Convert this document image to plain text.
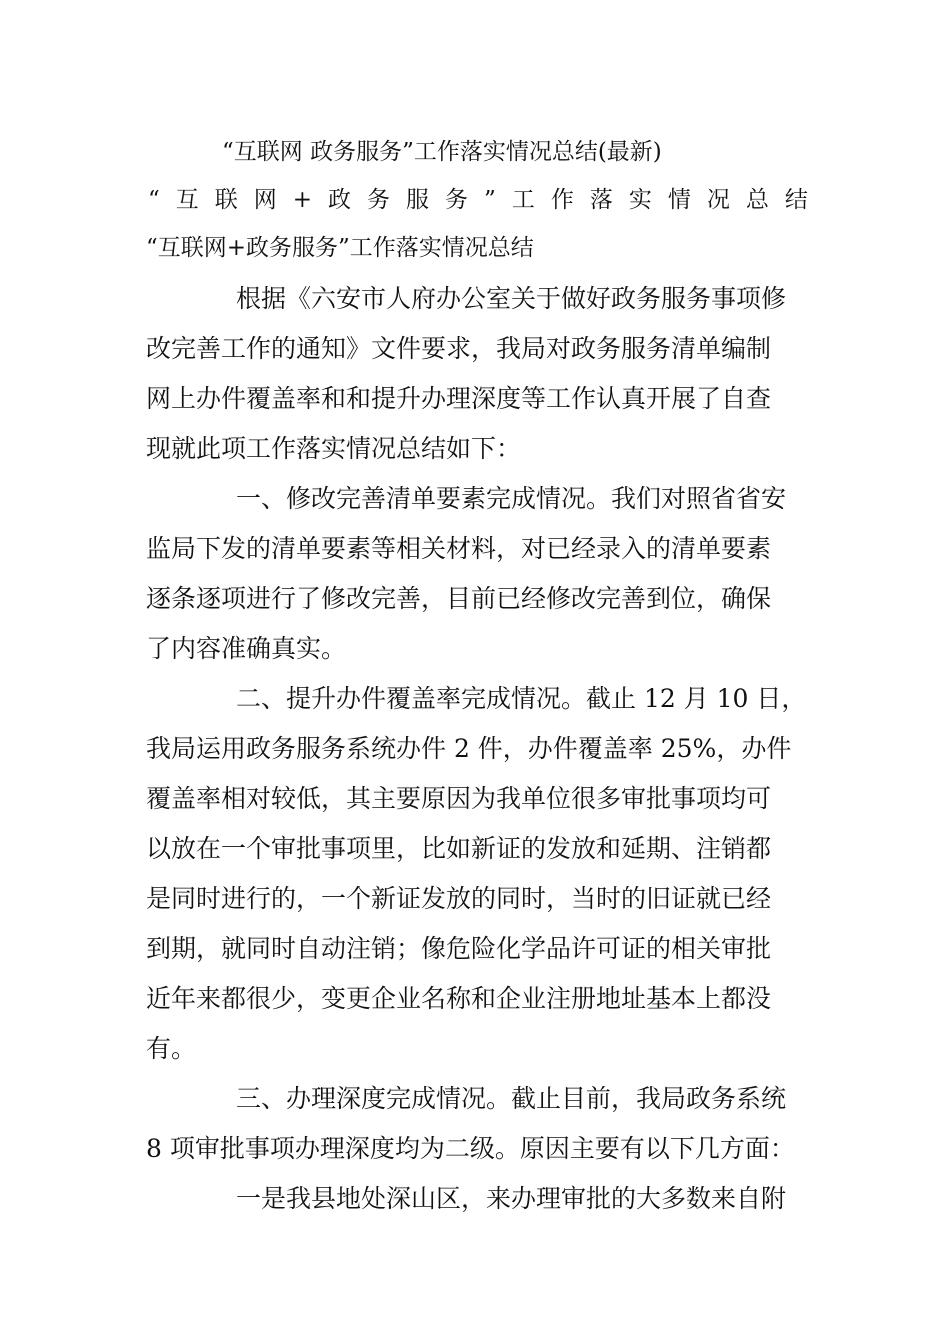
“互联网 政务服务”工作落实情况总结(最新)
“ 互 联 网 + 政 务 服 务 ” 工 作 落 实 情 况 总 结
“互联网+政务服务”工作落实情况总结
根据《六安市人府办公室关于做好政务服务事项修
改完善工作的通知》文件要求，我局对政务服务清单编制
网上办件覆盖率和和提升办理深度等工作认真开展了自查
现就此项工作落实情况总结如下：
一、修改完善清单要素完成情况。我们对照省省安
监局下发的清单要素等相关材料，对已经录入的清单要素
逐条逐项进行了修改完善，目前已经修改完善到位，确保
了内容准确真实。
二、提升办件覆盖率完成情况。截止 12 月 10 日，
我局运用政务服务系统办件 2 件，办件覆盖率 25%，办件
覆盖率相对较低，其主要原因为我单位很多审批事项均可
以放在一个审批事项里，比如新证的发放和延期、注销都
是同时进行的，一个新证发放的同时，当时的旧证就已经
到期，就同时自动注销；像危险化学品许可证的相关审批
近年来都很少，变更企业名称和企业注册地址基本上都没
有。
三、办理深度完成情况。截止目前，我局政务系统
8 项审批事项办理深度均为二级。原因主要有以下几方面：
一是我县地处深山区，来办理审批的大多数来自附
